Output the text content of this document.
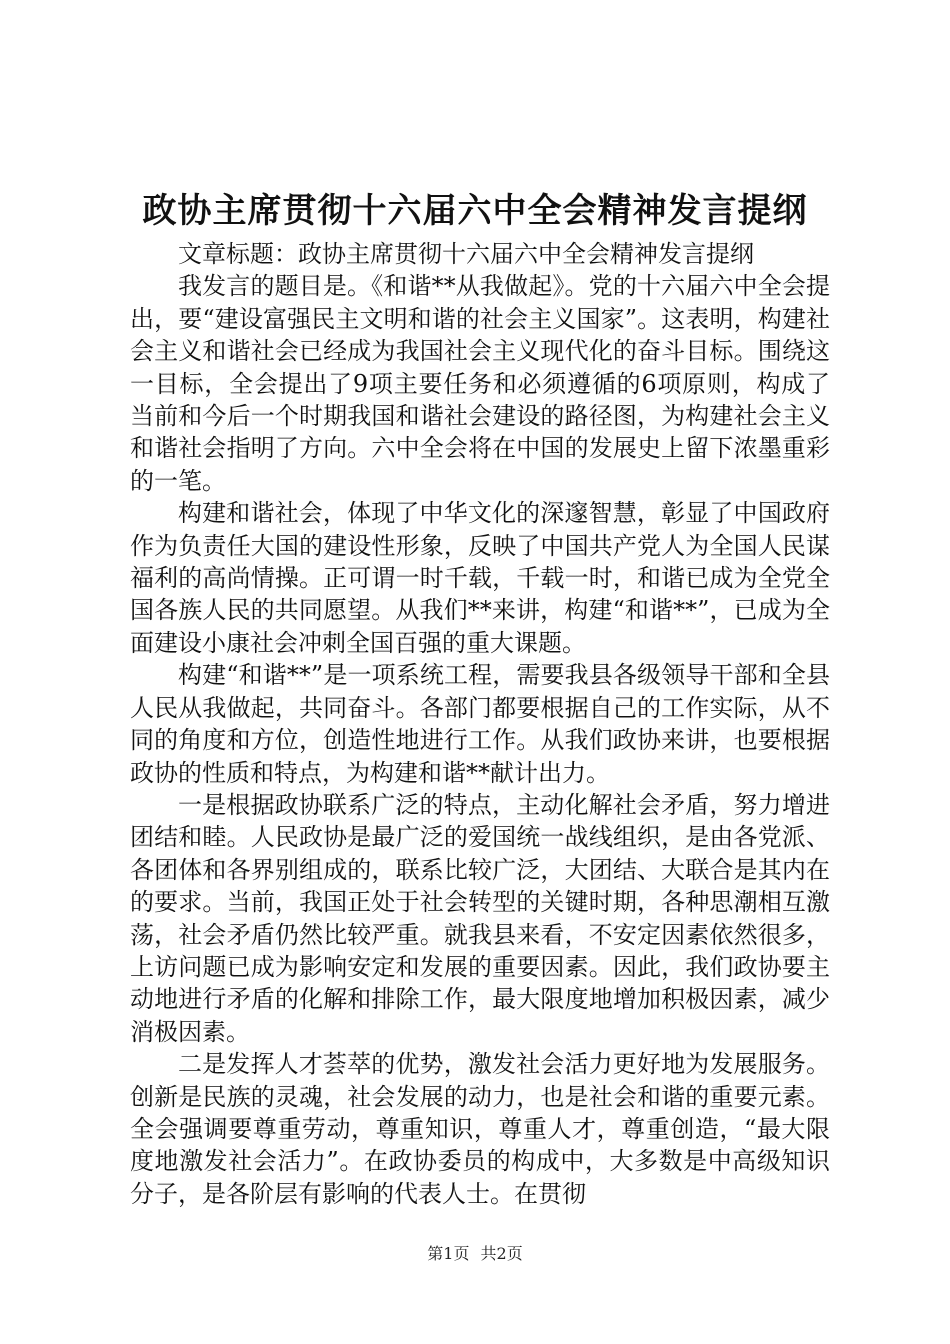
政协主席贯彻十六届六中全会精神发言提纲

文章标题：政协主席贯彻十六届六中全会精神发言提纲

我发言的题目是。《和谐**从我做起》。党的十六届六中全会提出，要“建设富强民主文明和谐的社会主义国家”。这表明，构建社会主义和谐社会已经成为我国社会主义现代化的奋斗目标。围绕这一目标，全会提出了9项主要任务和必须遵循的6项原则，构成了当前和今后一个时期我国和谐社会建设的路径图，为构建社会主义和谐社会指明了方向。六中全会将在中国的发展史上留下浓墨重彩的一笔。

构建和谐社会，体现了中华文化的深邃智慧，彰显了中国政府作为负责任大国的建设性形象，反映了中国共产党人为全国人民谋福利的高尚情操。正可谓一时千载，千载一时，和谐已成为全党全国各族人民的共同愿望。从我们**来讲，构建“和谐**”，已成为全面建设小康社会冲刺全国百强的重大课题。

构建“和谐**”是一项系统工程，需要我县各级领导干部和全县人民从我做起，共同奋斗。各部门都要根据自己的工作实际，从不同的角度和方位，创造性地进行工作。从我们政协来讲，也要根据政协的性质和特点，为构建和谐**献计出力。

一是根据政协联系广泛的特点，主动化解社会矛盾，努力增进团结和睦。人民政协是最广泛的爱国统一战线组织，是由各党派、各团体和各界别组成的，联系比较广泛，大团结、大联合是其内在的要求。当前，我国正处于社会转型的关键时期，各种思潮相互激荡，社会矛盾仍然比较严重。就我县来看，不安定因素依然很多，上访问题已成为影响安定和发展的重要因素。因此，我们政协要主动地进行矛盾的化解和排除工作，最大限度地增加积极因素，减少消极因素。

二是发挥人才荟萃的优势，激发社会活力更好地为发展服务。创新是民族的灵魂，社会发展的动力，也是社会和谐的重要元素。全会强调要尊重劳动，尊重知识，尊重人才，尊重创造，“最大限度地激发社会活力”。在政协委员的构成中，大多数是中高级知识分子，是各阶层有影响的代表人士。在贯彻

第1页 共2页
